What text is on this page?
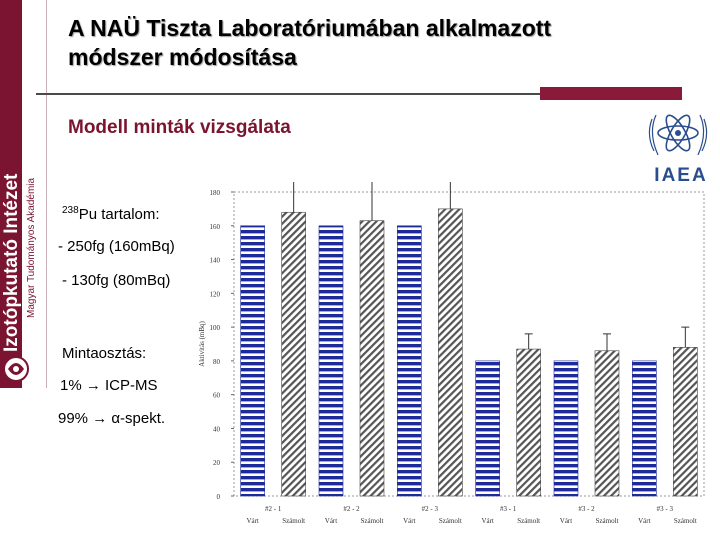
Izotópkutató Intézet Magyar Tudományos Akadémia
A NAÜ Tiszta Laboratóriumában alkalmazott
módszer módosítása
Modell minták vizsgálata
IAEA
$^{238}$Pu tartalom:
- 250fg (160mBq)
- 130fg (80mBq)
Mintaosztás:
1% → ICP-MS
99% → α-spekt.
0
20
40
60
80
100
120
140
160
180
Aktivitás (mBq)
Várt	Számolt
#2 - 1
Várt	Számolt
#2 - 2
Várt	Számolt
#2 - 3
Várt	Számolt
#3 - 1
Várt	Számolt
#3 - 2
Várt	Számolt
#3 - 3
